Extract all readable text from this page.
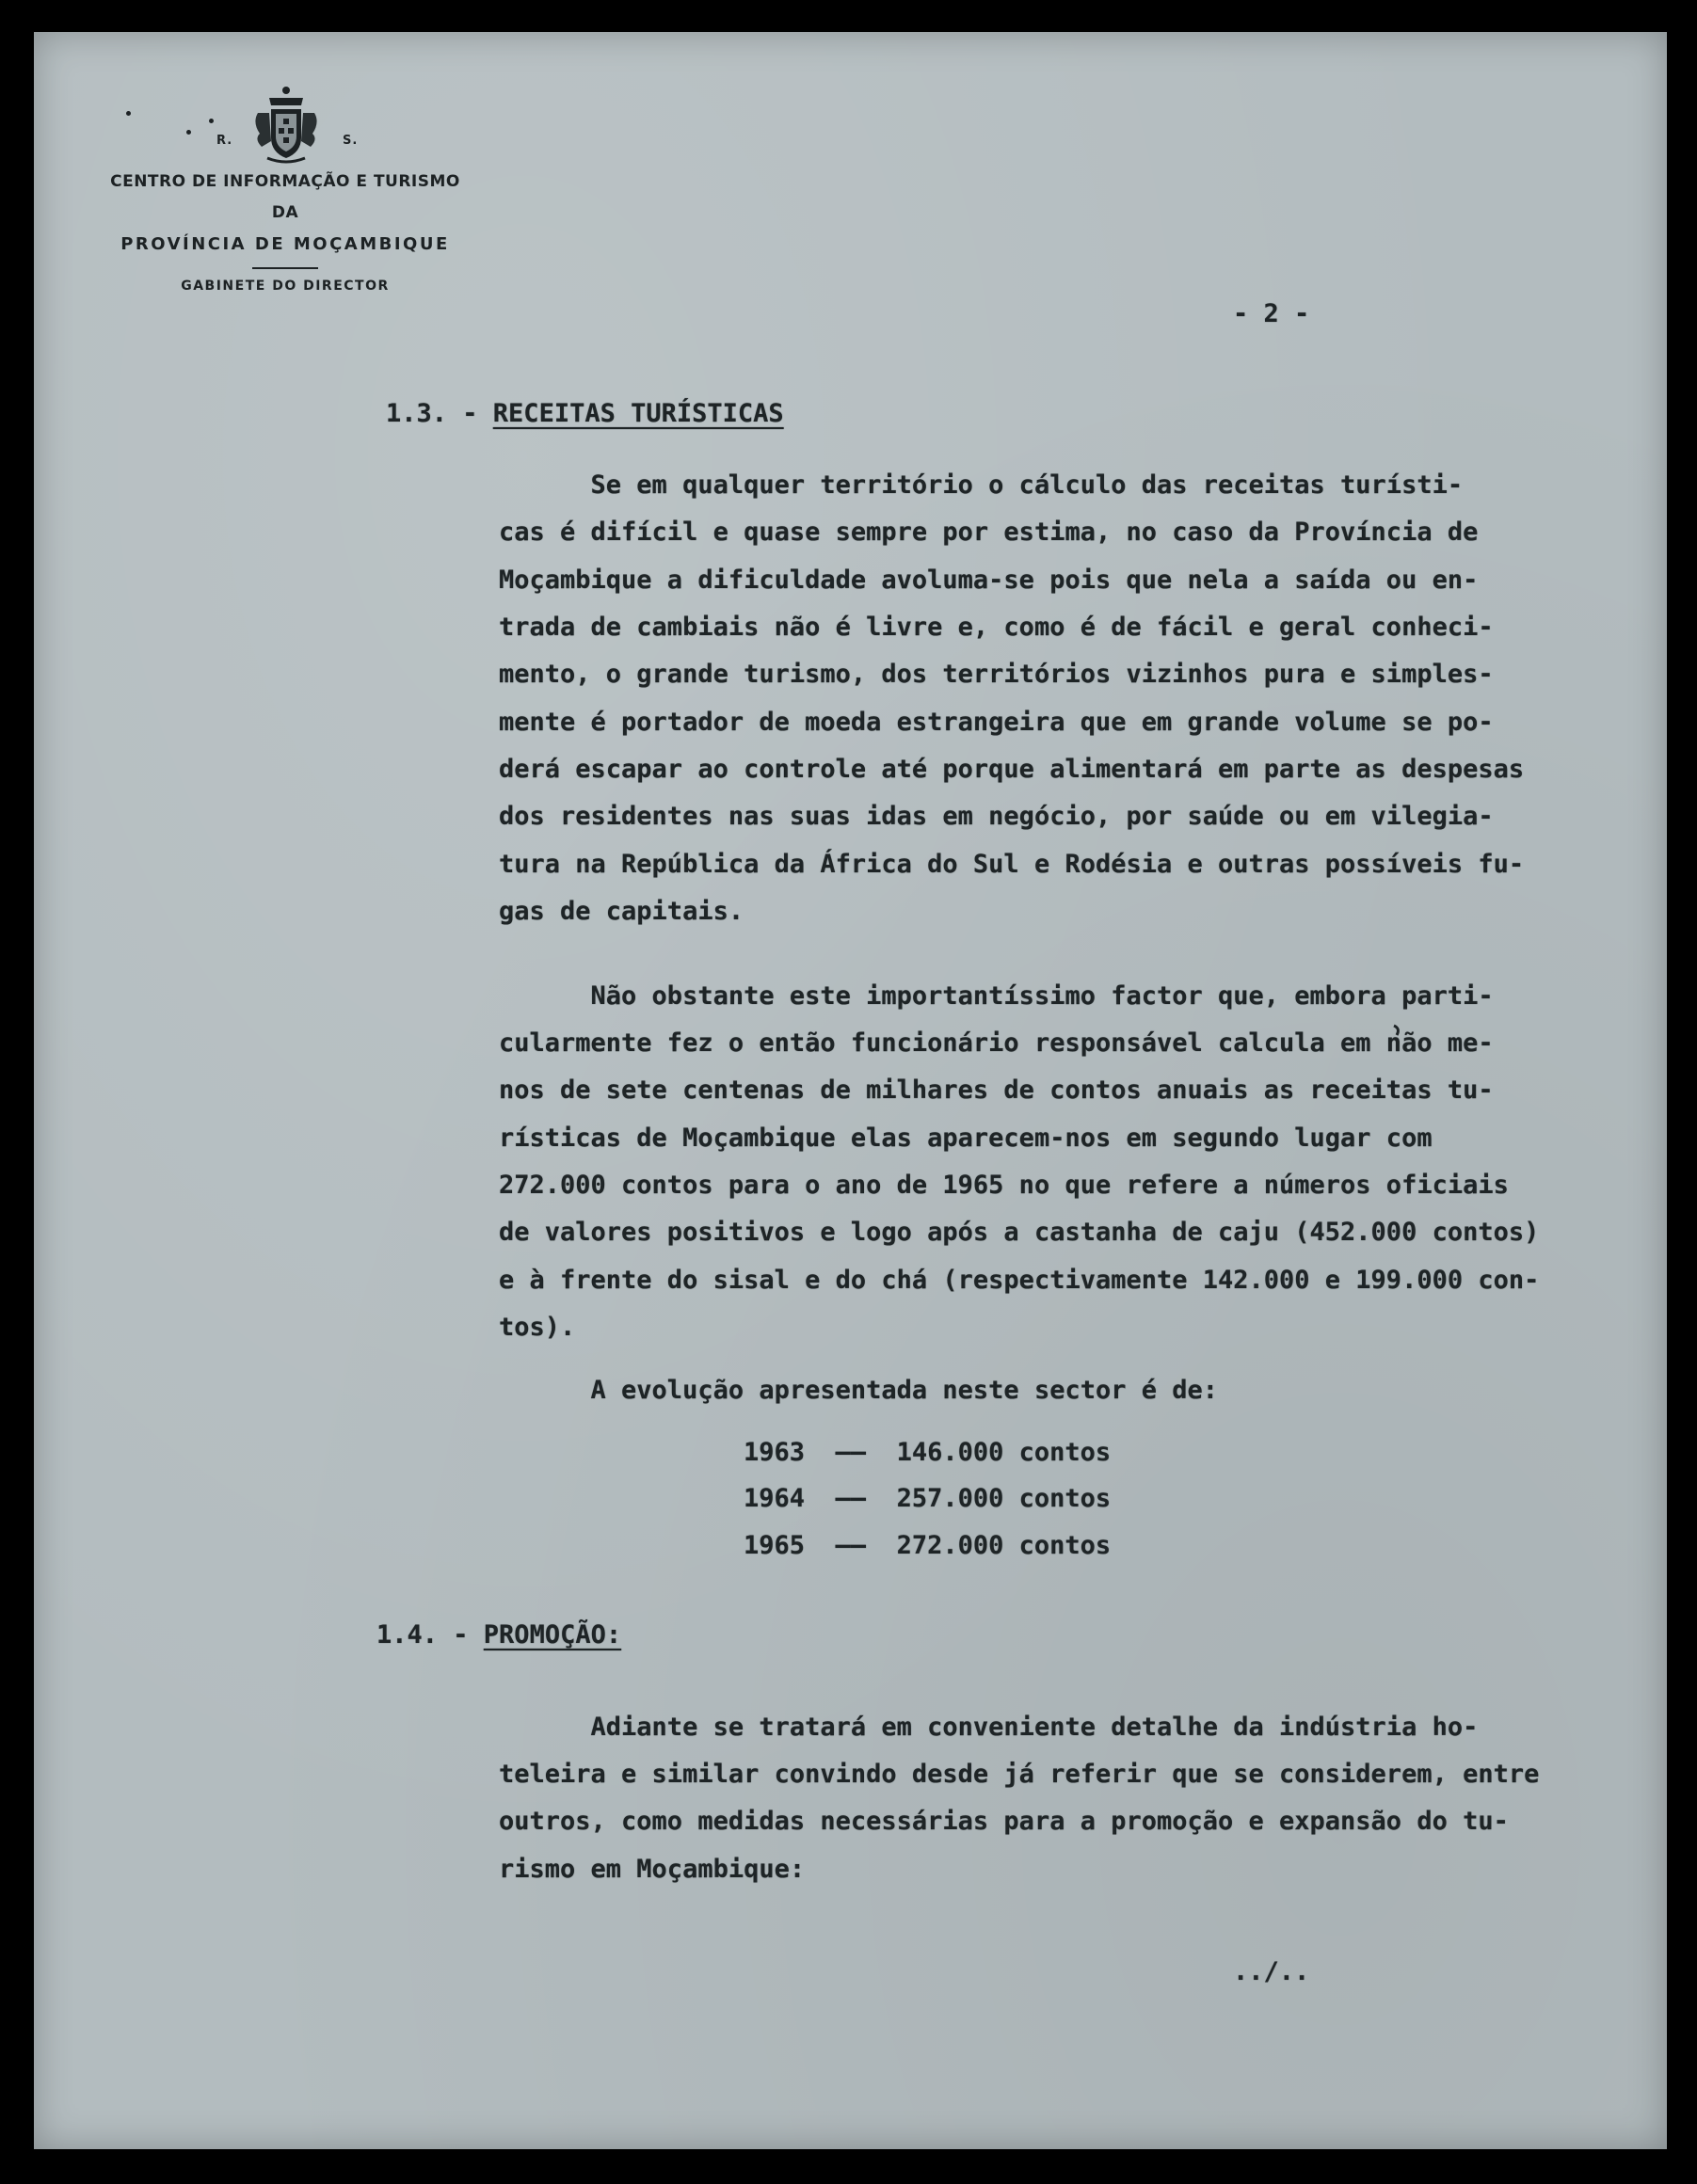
R.	S.
CENTRO DE INFORMAÇÃO E TURISMO
DA
PROVÍNCIA DE MOÇAMBIQUE
GABINETE DO DIRECTOR
- 2 -
1.3. - RECEITAS TURÍSTICAS
Se em qualquer território o cálculo das receitas turísti-
cas é difícil e quase sempre por estima, no caso da Província de
Moçambique a dificuldade avoluma-se pois que nela a saída ou en-
trada de cambiais não é livre e, como é de fácil e geral conheci-
mento, o grande turismo, dos territórios vizinhos pura e simples-
mente é portador de moeda estrangeira que em grande volume se po-
derá escapar ao controle até porque alimentará em parte as despesas
dos residentes nas suas idas em negócio, por saúde ou em vilegia-
tura na República da África do Sul e Rodésia e outras possíveis fu-
gas de capitais.
Não obstante este importantíssimo factor que, embora parti-
cularmente fez o então funcionário responsável calcula em não me-
nos de sete centenas de milhares de contos anuais as receitas tu-
rísticas de Moçambique elas aparecem-nos em segundo lugar com
272.000 contos para o ano de 1965 no que refere a números oficiais
de valores positivos e logo após a castanha de caju (452.000 contos)
e à frente do sisal e do chá (respectivamente 142.000 e 199.000 con-
tos).
A evolução apresentada neste sector é de:
1963 —— 146.000 contos
1964 —— 257.000 contos
1965 —— 272.000 contos
1.4. - PROMOÇÃO:
Adiante se tratará em conveniente detalhe da indústria ho-
teleira e similar convindo desde já referir que se considerem, entre
outros, como medidas necessárias para a promoção e expansão do tu-
rismo em Moçambique:
../..
